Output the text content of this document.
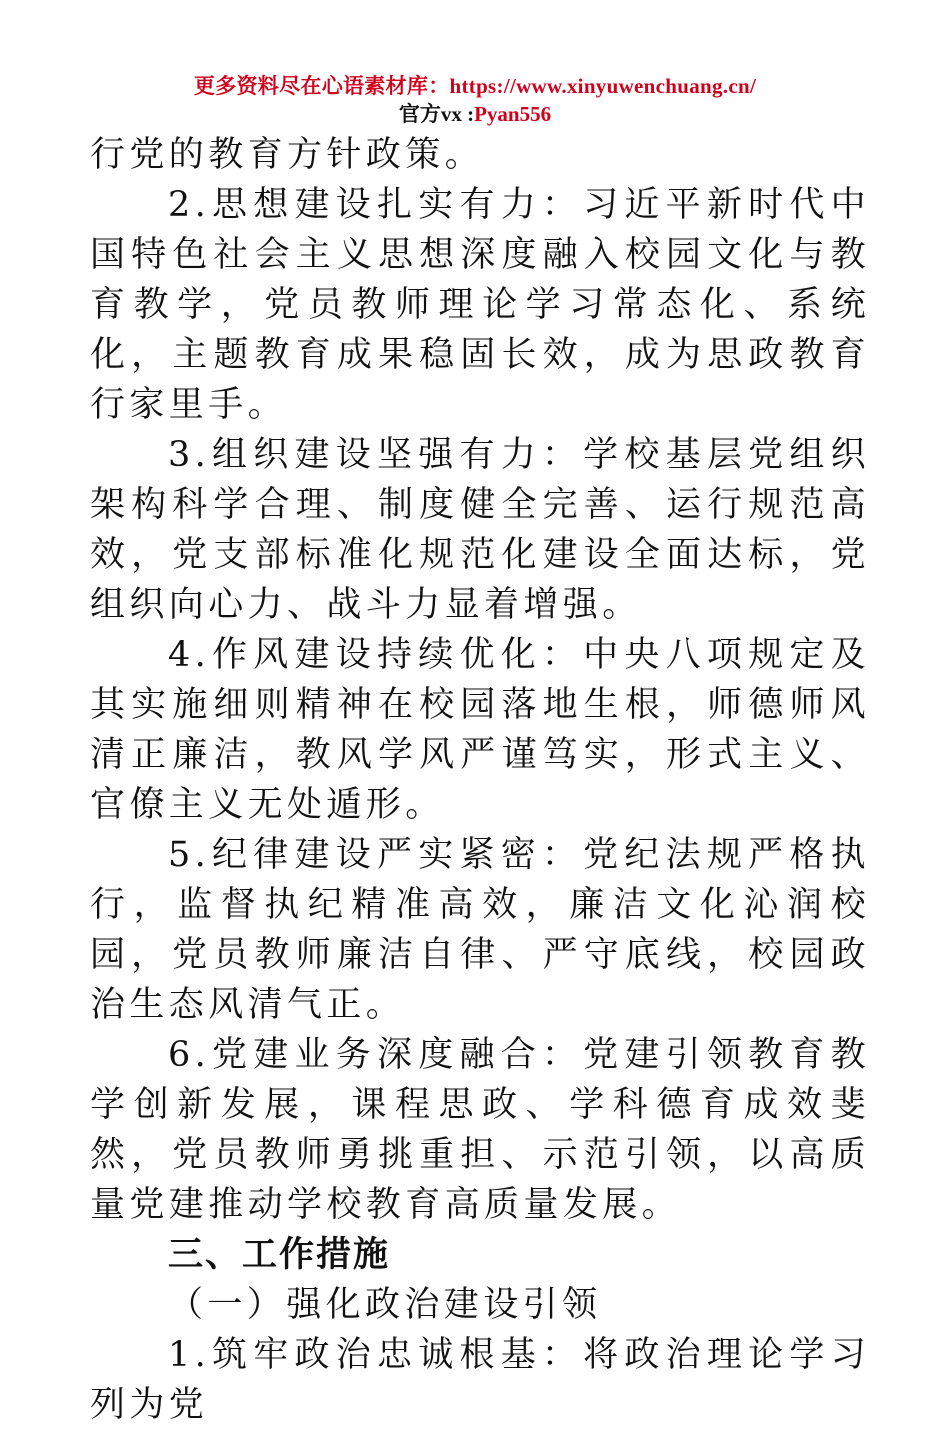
更多资料尽在心语素材库：https://www.xinyuwenchuang.cn/
官方vx :Pyan556

行党的教育方针政策。

2.思想建设扎实有力：习近平新时代中国特色社会主义思想深度融入校园文化与教育教学，党员教师理论学习常态化、系统化，主题教育成果稳固长效，成为思政教育行家里手。

3.组织建设坚强有力：学校基层党组织架构科学合理、制度健全完善、运行规范高效，党支部标准化规范化建设全面达标，党组织向心力、战斗力显着增强。

4.作风建设持续优化：中央八项规定及其实施细则精神在校园落地生根，师德师风清正廉洁，教风学风严谨笃实，形式主义、官僚主义无处遁形。

5.纪律建设严实紧密：党纪法规严格执行，监督执纪精准高效，廉洁文化沁润校园，党员教师廉洁自律、严守底线，校园政治生态风清气正。

6.党建业务深度融合：党建引领教育教学创新发展，课程思政、学科德育成效斐然，党员教师勇挑重担、示范引领，以高质量党建推动学校教育高质量发展。

三、工作措施

（一）强化政治建设引领

1.筑牢政治忠诚根基：将政治理论学习列为党
